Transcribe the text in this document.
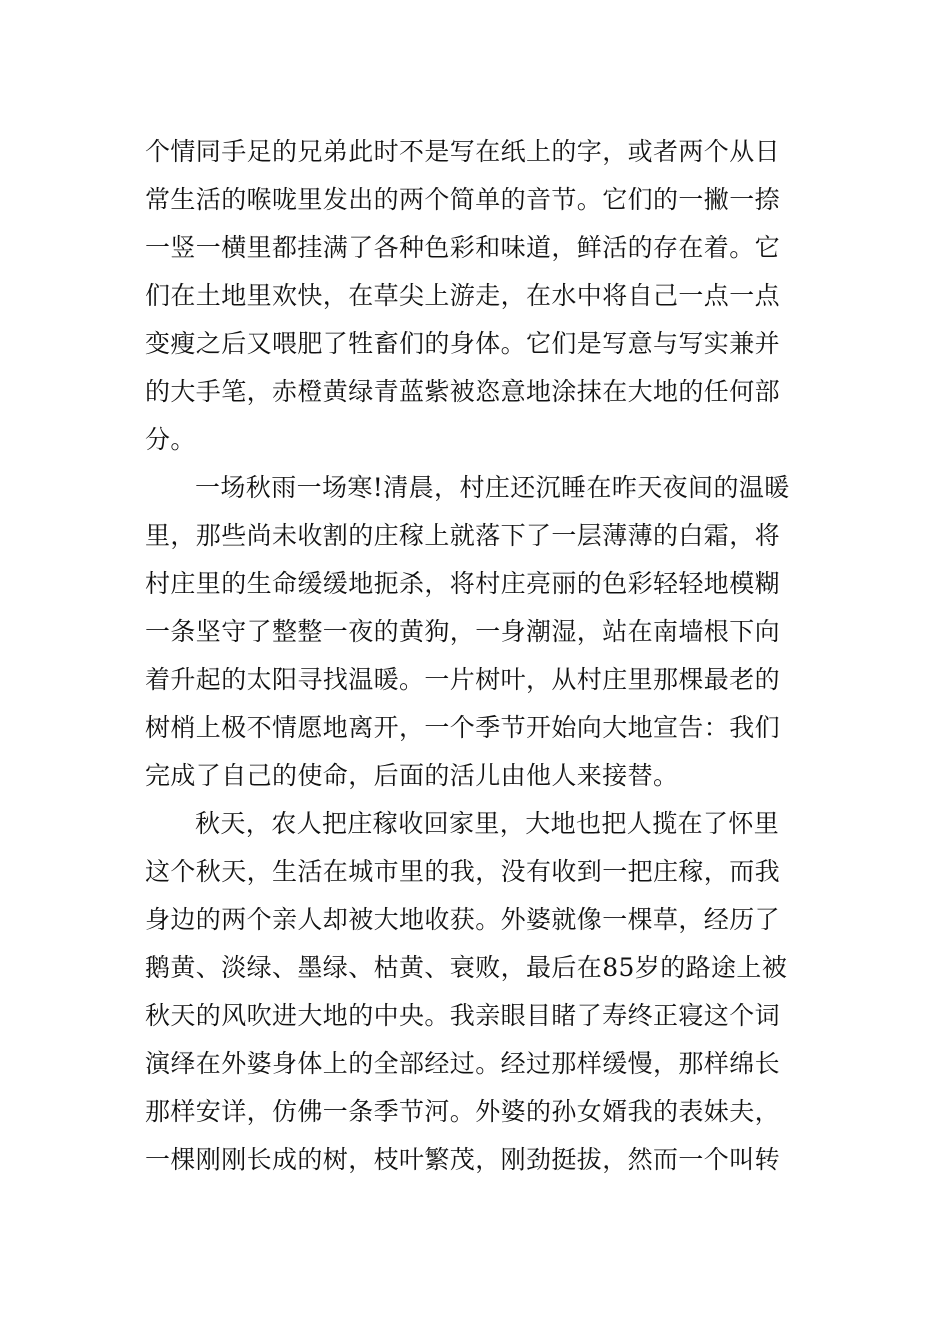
个情同手足的兄弟此时不是写在纸上的字，或者两个从日
常生活的喉咙里发出的两个简单的音节。它们的一撇一捺
一竖一横里都挂满了各种色彩和味道，鲜活的存在着。它
们在土地里欢快，在草尖上游走，在水中将自己一点一点
变瘦之后又喂肥了牲畜们的身体。它们是写意与写实兼并
的大手笔，赤橙黄绿青蓝紫被恣意地涂抹在大地的任何部
分。
一场秋雨一场寒!清晨，村庄还沉睡在昨天夜间的温暖
里，那些尚未收割的庄稼上就落下了一层薄薄的白霜，将
村庄里的生命缓缓地扼杀，将村庄亮丽的色彩轻轻地模糊
一条坚守了整整一夜的黄狗，一身潮湿，站在南墙根下向
着升起的太阳寻找温暖。一片树叶，从村庄里那棵最老的
树梢上极不情愿地离开，一个季节开始向大地宣告：我们
完成了自己的使命，后面的活儿由他人来接替。
秋天，农人把庄稼收回家里，大地也把人揽在了怀里
这个秋天，生活在城市里的我，没有收到一把庄稼，而我
身边的两个亲人却被大地收获。外婆就像一棵草，经历了
鹅黄、淡绿、墨绿、枯黄、衰败，最后在85岁的路途上被
秋天的风吹进大地的中央。我亲眼目睹了寿终正寝这个词
演绎在外婆身体上的全部经过。经过那样缓慢，那样绵长
那样安详，仿佛一条季节河。外婆的孙女婿我的表妹夫，
一棵刚刚长成的树，枝叶繁茂，刚劲挺拔，然而一个叫转
